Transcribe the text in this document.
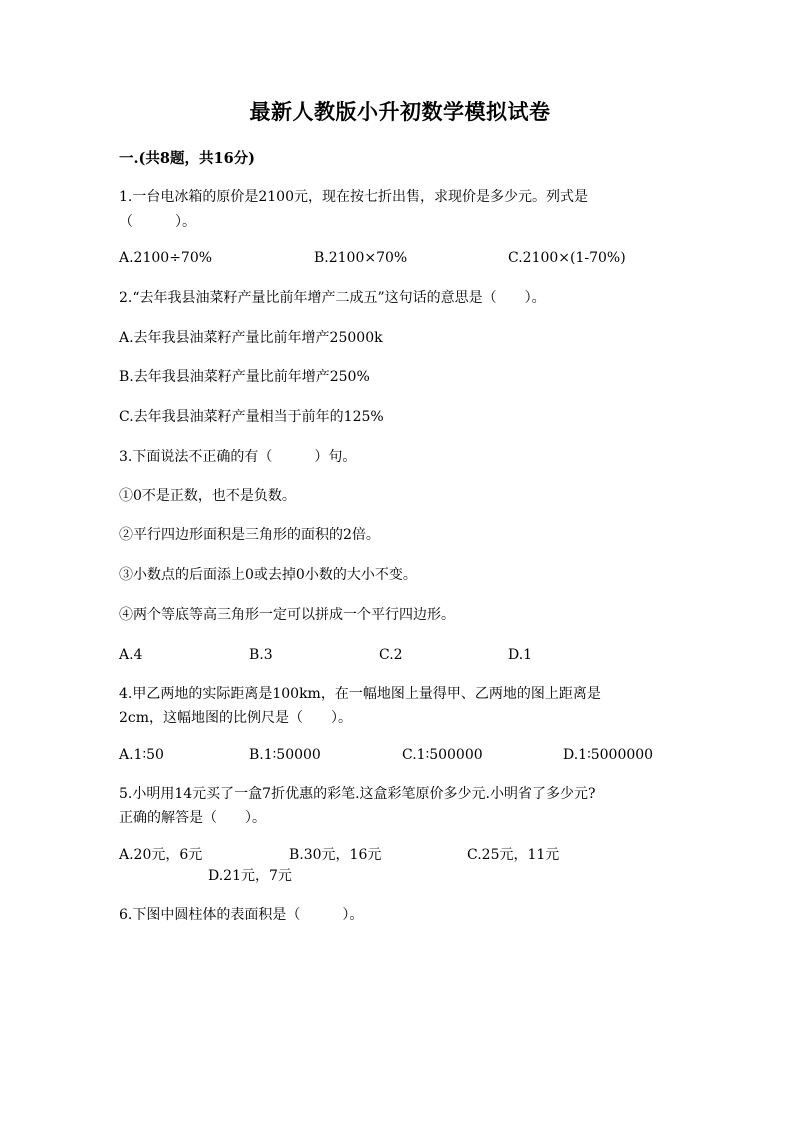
最新人教版小升初数学模拟试卷
一.(共8题，共16分)
1.一台电冰箱的原价是2100元，现在按七折出售，求现价是多少元。列式是
（　　　）。
A.2100÷70%	B.2100×70%	C.2100×(1-70%)
2.“去年我县油菜籽产量比前年增产二成五”这句话的意思是（　　）。
A.去年我县油菜籽产量比前年增产25000k
B.去年我县油菜籽产量比前年增产250%
C.去年我县油菜籽产量相当于前年的125%
3.下面说法不正确的有（　　　）句。
①0不是正数，也不是负数。
②平行四边形面积是三角形的面积的2倍。
③小数点的后面添上0或去掉0小数的大小不变。
④两个等底等高三角形一定可以拼成一个平行四边形。
A.4	B.3	C.2	D.1
4.甲乙两地的实际距离是100km，在一幅地图上量得甲、乙两地的图上距离是
2cm，这幅地图的比例尺是（　　）。
A.1∶50	B.1∶50000	C.1∶500000	D.1∶5000000
5.小明用14元买了一盒7折优惠的彩笔.这盒彩笔原价多少元.小明省了多少元?
正确的解答是（　　）。
A.20元，6元	B.30元，16元	C.25元，11元
D.21元，7元
6.下图中圆柱体的表面积是（　　　）。
